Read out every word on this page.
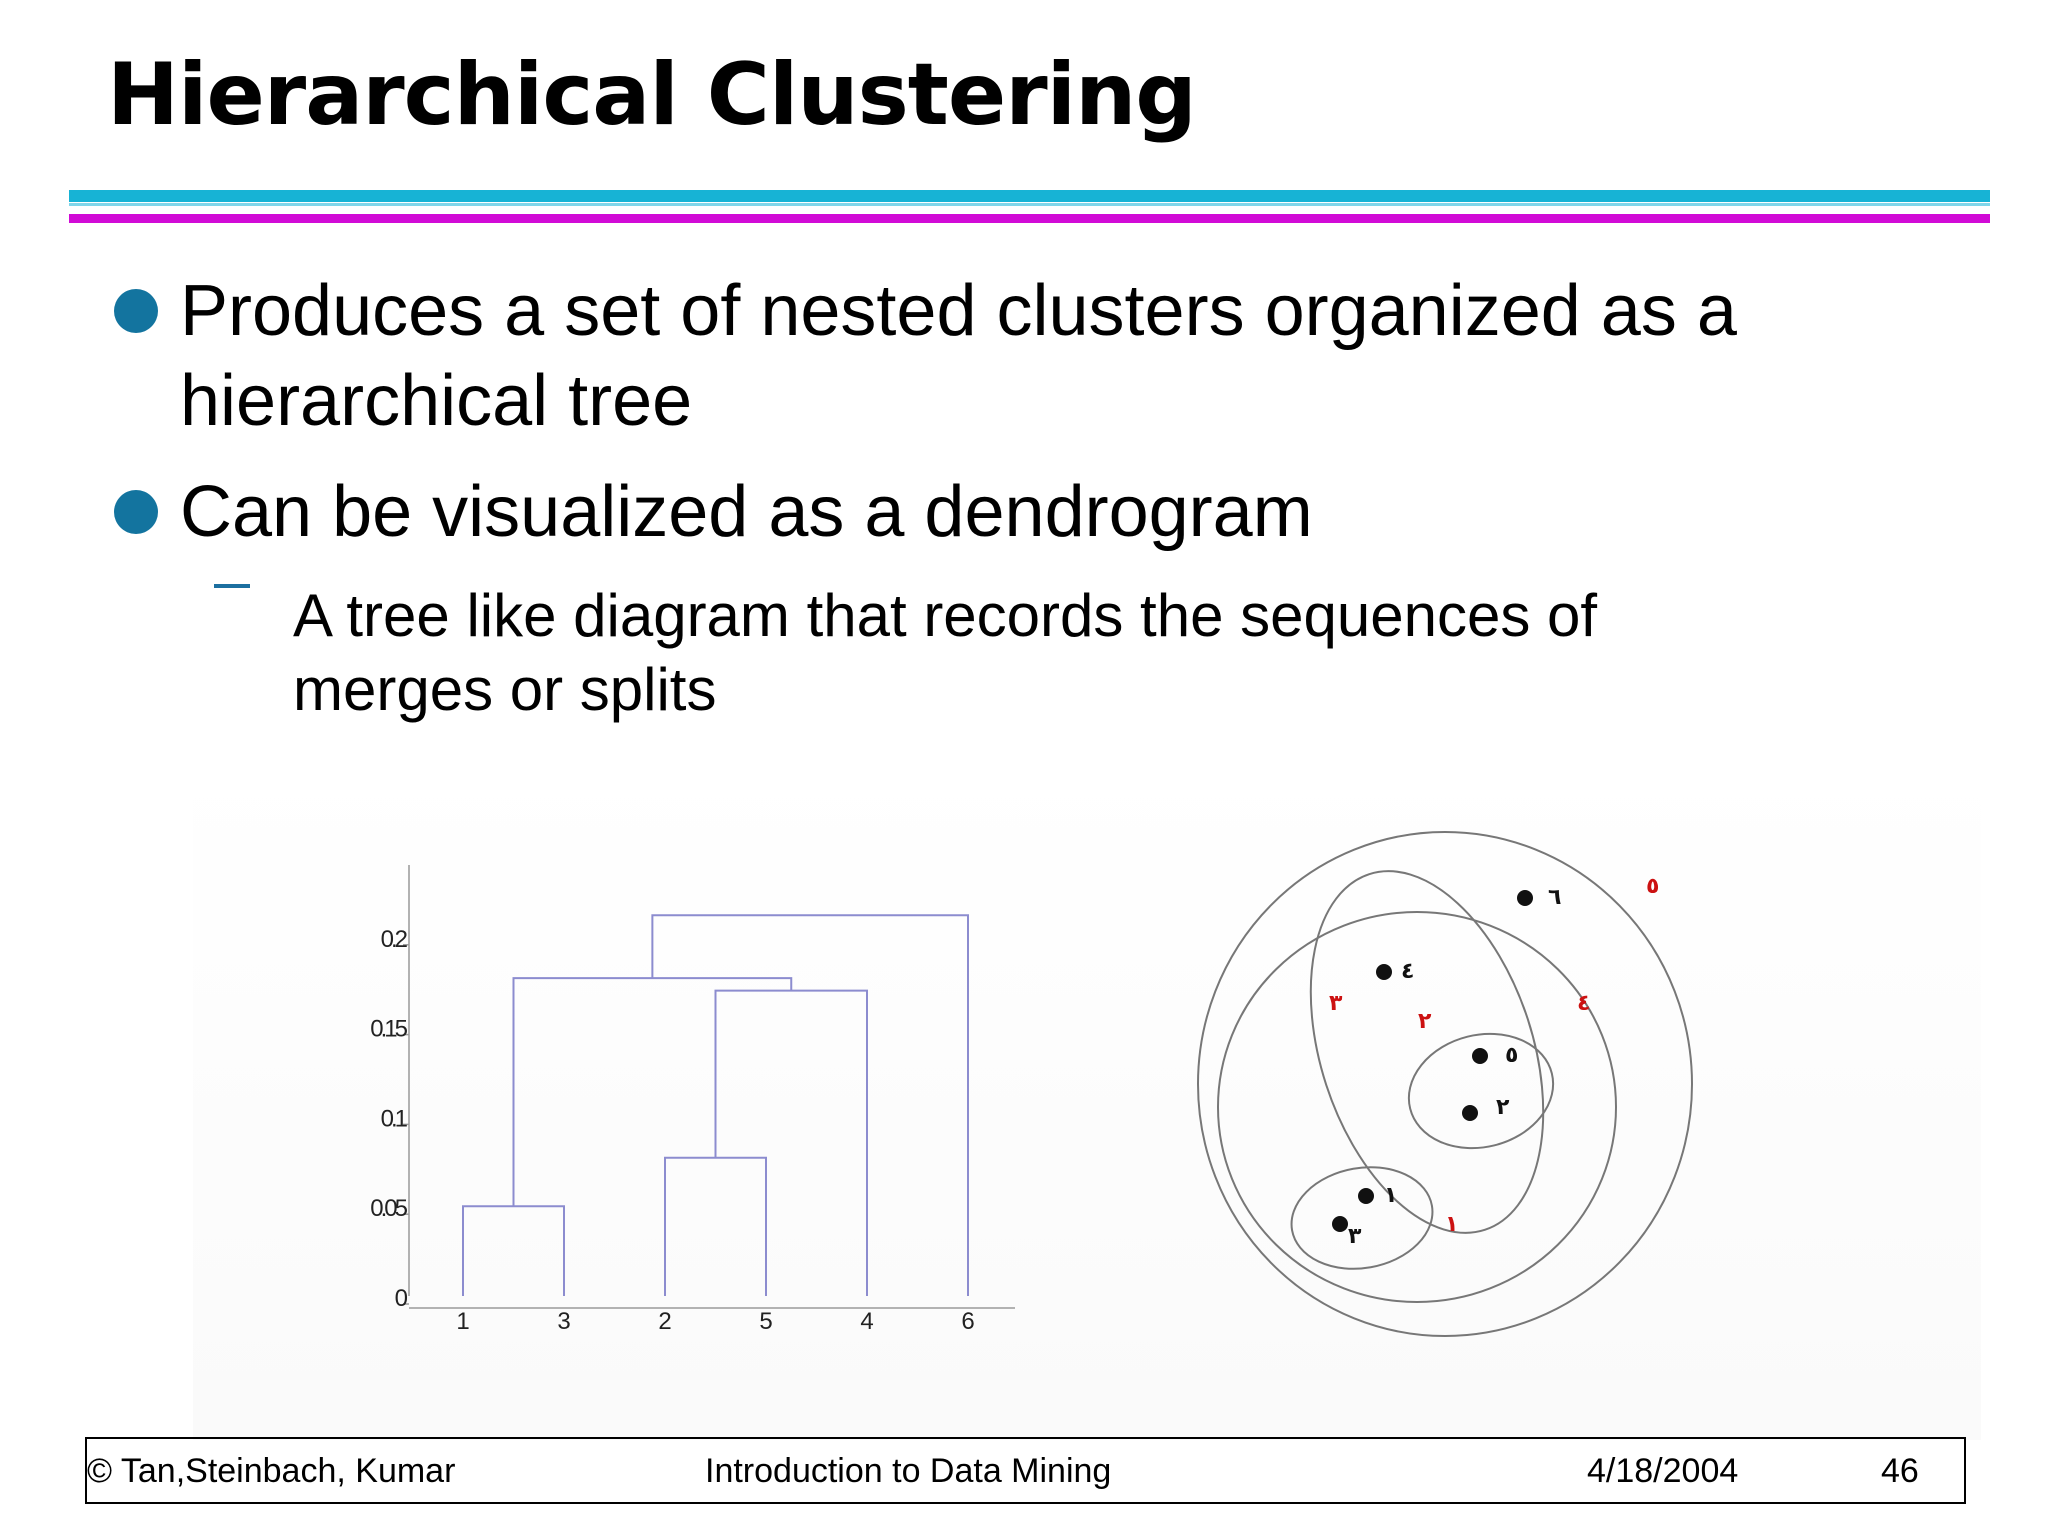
Hierarchical Clustering
Produces a set of nested clusters organized as a
hierarchical tree
Can be visualized as a dendrogram
A tree like diagram that records the sequences of
merges or splits
0
0.05
0.1
0.15
0.2
1	3	2	5	4	6
٦
٤
٥
٢
١
٣
٥
٤
٣
٢
١
© Tan,Steinbach, Kumar	Introduction to Data Mining	4/18/2004	46
